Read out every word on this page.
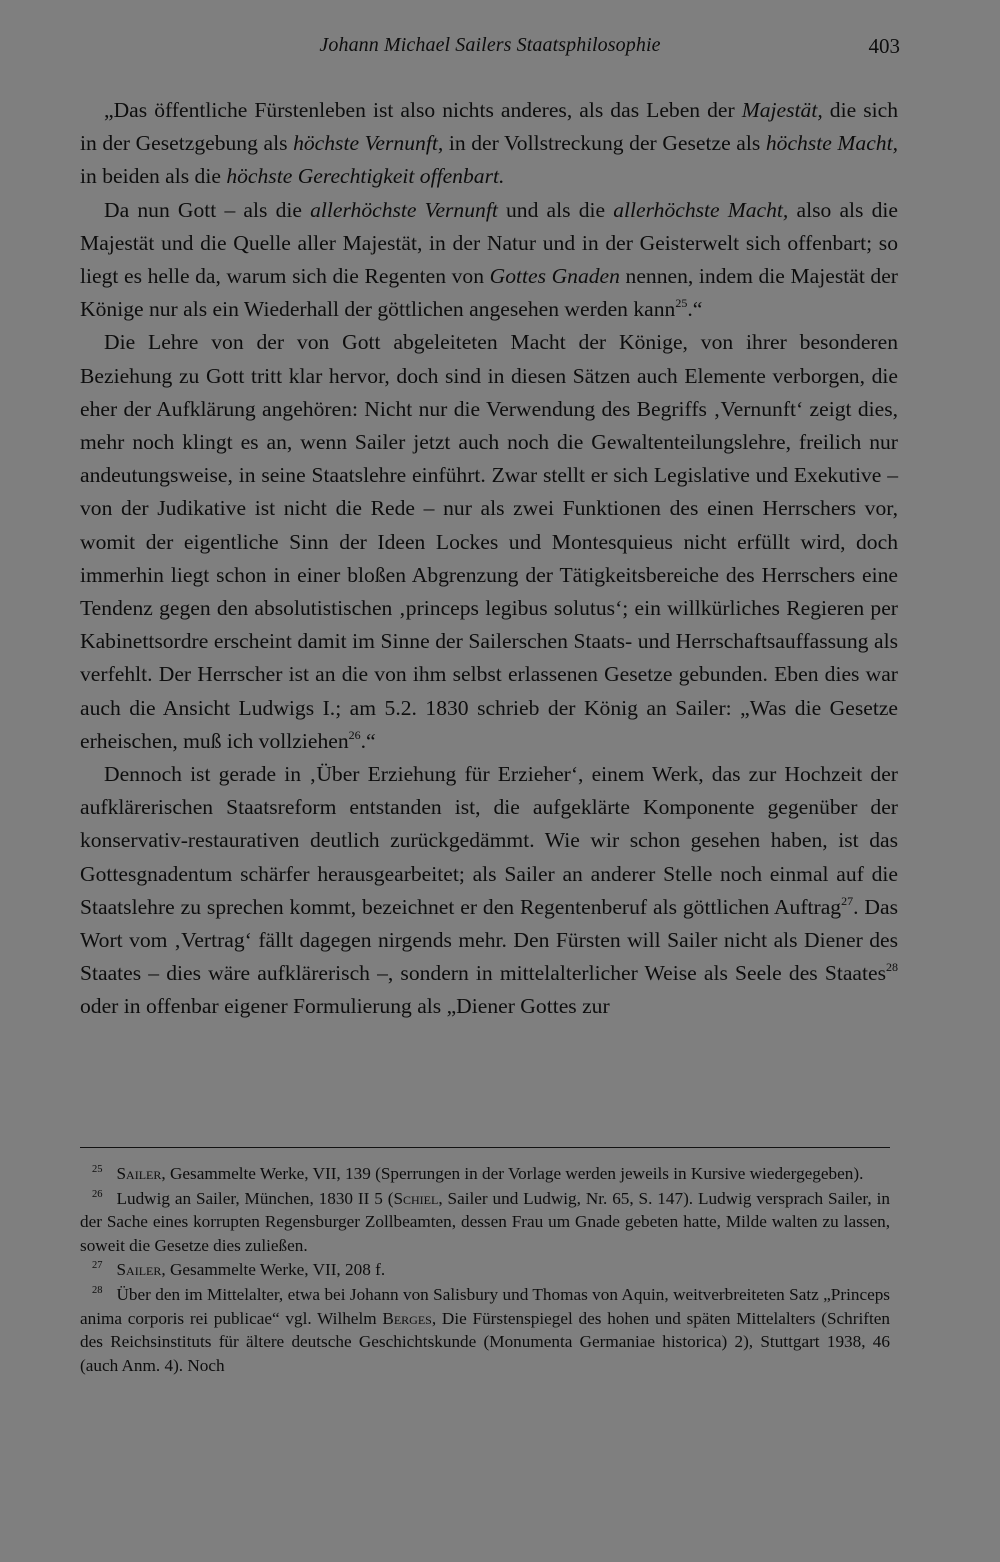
Johann Michael Sailers Staatsphilosophie	403

„Das öffentliche Fürstenleben ist also nichts anderes, als das Leben der Majestät, die sich in der Gesetzgebung als höchste Vernunft, in der Vollstreckung der Gesetze als höchste Macht, in beiden als die höchste Gerechtigkeit offenbart.

Da nun Gott – als die allerhöchste Vernunft und als die allerhöchste Macht, also als die Majestät und die Quelle aller Majestät, in der Natur und in der Geisterwelt sich offenbart; so liegt es helle da, warum sich die Regenten von Gottes Gnaden nennen, indem die Majestät der Könige nur als ein Wiederhall der göttlichen angesehen werden kann$^{25}$.“

Die Lehre von der von Gott abgeleiteten Macht der Könige, von ihrer besonderen Beziehung zu Gott tritt klar hervor, doch sind in diesen Sätzen auch Elemente verborgen, die eher der Aufklärung angehören: Nicht nur die Verwendung des Begriffs ‚Vernunft‘ zeigt dies, mehr noch klingt es an, wenn Sailer jetzt auch noch die Gewaltenteilungslehre, freilich nur andeutungsweise, in seine Staatslehre einführt. Zwar stellt er sich Legislative und Exekutive – von der Judikative ist nicht die Rede – nur als zwei Funktionen des einen Herrschers vor, womit der eigentliche Sinn der Ideen Lockes und Montesquieus nicht erfüllt wird, doch immerhin liegt schon in einer bloßen Abgrenzung der Tätigkeitsbereiche des Herrschers eine Tendenz gegen den absolutistischen ‚princeps legibus solutus‘; ein willkürliches Regieren per Kabinettsordre erscheint damit im Sinne der Sailerschen Staats- und Herrschaftsauffassung als verfehlt. Der Herrscher ist an die von ihm selbst erlassenen Gesetze gebunden. Eben dies war auch die Ansicht Ludwigs I.; am 5.2. 1830 schrieb der König an Sailer: „Was die Gesetze erheischen, muß ich vollziehen$^{26}$.“

Dennoch ist gerade in ‚Über Erziehung für Erzieher‘, einem Werk, das zur Hochzeit der aufklärerischen Staatsreform entstanden ist, die aufgeklärte Komponente gegenüber der konservativ-restaurativen deutlich zurückgedämmt. Wie wir schon gesehen haben, ist das Gottesgnadentum schärfer herausgearbeitet; als Sailer an anderer Stelle noch einmal auf die Staatslehre zu sprechen kommt, bezeichnet er den Regentenberuf als göttlichen Auftrag$^{27}$. Das Wort vom ‚Vertrag‘ fällt dagegen nirgends mehr. Den Fürsten will Sailer nicht als Diener des Staates – dies wäre aufklärerisch –, sondern in mittelalterlicher Weise als Seele des Staates$^{28}$ oder in offenbar eigener Formulierung als „Diener Gottes zur

$^{25}$ Sailer, Gesammelte Werke, VII, 139 (Sperrungen in der Vorlage werden jeweils in Kursive wiedergegeben).

$^{26}$ Ludwig an Sailer, München, 1830 II 5 (Schiel, Sailer und Ludwig, Nr. 65, S. 147). Ludwig versprach Sailer, in der Sache eines korrupten Regensburger Zollbeamten, dessen Frau um Gnade gebeten hatte, Milde walten zu lassen, soweit die Gesetze dies zuließen.

$^{27}$ Sailer, Gesammelte Werke, VII, 208 f.

$^{28}$ Über den im Mittelalter, etwa bei Johann von Salisbury und Thomas von Aquin, weitverbreiteten Satz „Princeps anima corporis rei publicae“ vgl. Wilhelm Berges, Die Fürstenspiegel des hohen und späten Mittelalters (Schriften des Reichsinstituts für ältere deutsche Geschichtskunde (Monumenta Germaniae historica) 2), Stuttgart 1938, 46 (auch Anm. 4). Noch
